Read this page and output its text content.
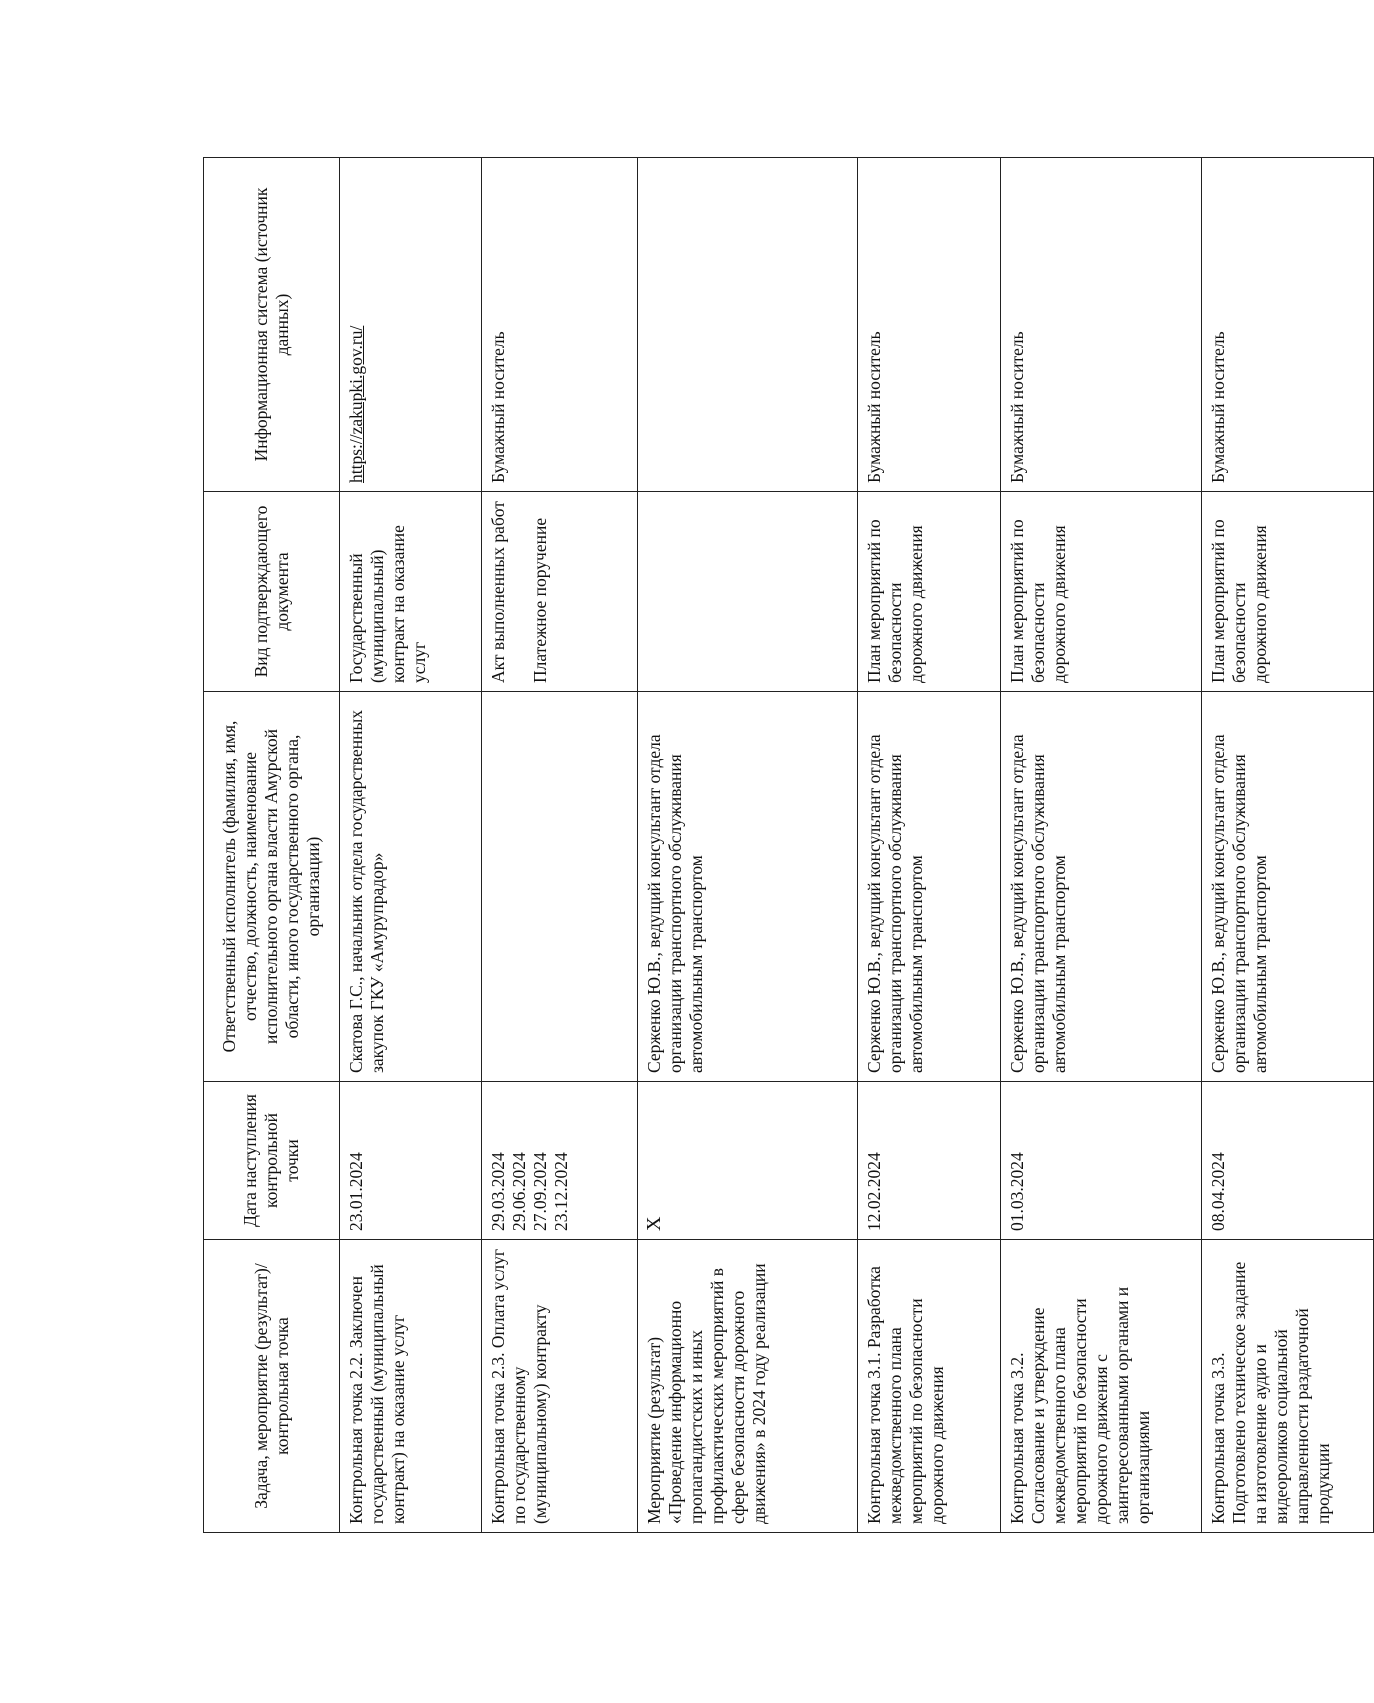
Задача, мероприятие (результат)/контрольная точка	Дата наступления контрольной точки	Ответственный исполнитель (фамилия, имя, отчество, должность, наименование исполнительного органа власти Амурской области, иного государственного органа, организации)	Вид подтверждающего документа	Информационная система (источник данных)
Контрольная точка 2.2. Заключен государственный (муниципальный контракт) на оказание услуг	23.01.2024	Скатова Г.С., начальник отдела государственных закупок ГКУ «Амурупрадор»	Государственный (муниципальный) контракт на оказание услуг	https://zakupki.gov.ru/
Контрольная точка 2.3. Оплата услуг по государственному (муниципальному) контракту	29.03.2024 29.06.2024 27.09.2024 23.12.2024		Акт выполненных работ Платежное поручение	Бумажный носитель
Мероприятие (результат) «Проведение информационно пропагандистских и иных профилактических мероприятий в сфере безопасности дорожного движения» в 2024 году реализации	X	Серженко Ю.В., ведущий консультант отдела организации транспортного обслуживания автомобильным транспортом		
Контрольная точка 3.1. Разработка межведомственного плана мероприятий по безопасности дорожного движения	12.02.2024	Серженко Ю.В., ведущий консультант отдела организации транспортного обслуживания автомобильным транспортом	План мероприятий по безопасности дорожного движения	Бумажный носитель
Контрольная точка 3.2. Согласование и утверждение межведомственного плана мероприятий по безопасности дорожного движения с заинтересованными органами и организациями	01.03.2024	Серженко Ю.В., ведущий консультант отдела организации транспортного обслуживания автомобильным транспортом	План мероприятий по безопасности дорожного движения	Бумажный носитель
Контрольная точка 3.3. Подготовлено техническое задание на изготовление аудио и видеороликов социальной направленности раздаточной продукции	08.04.2024	Серженко Ю.В., ведущий консультант отдела организации транспортного обслуживания автомобильным транспортом	План мероприятий по безопасности дорожного движения	Бумажный носитель
